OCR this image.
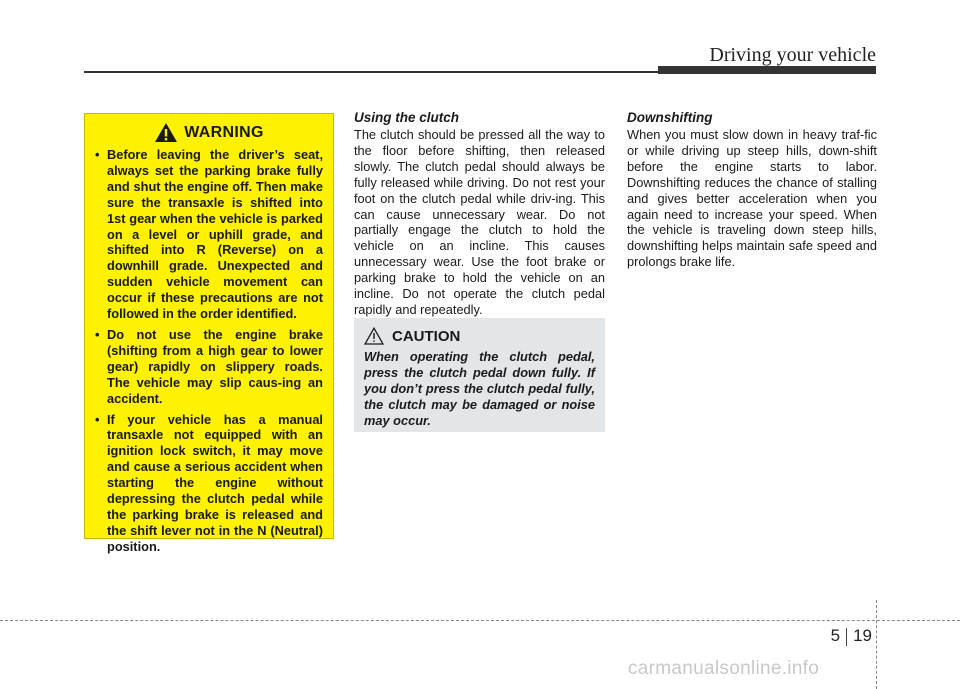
Driving your vehicle
WARNING
• Before leaving the driver’s seat, always set the parking brake fully and shut the engine off. Then make sure the transaxle is shifted into 1st gear when the vehicle is parked on a level or uphill grade, and shifted into R (Reverse) on a downhill grade. Unexpected and sudden vehicle movement can occur if these precautions are not followed in the order identified.
• Do not use the engine brake (shifting from a high gear to lower gear) rapidly on slippery roads. The vehicle may slip caus-ing an accident.
• If your vehicle has a manual transaxle not equipped with an ignition lock switch, it may move and cause a serious accident when starting the engine without depressing the clutch pedal while the parking brake is released and the shift lever not in the N (Neutral) position.
Using the clutch

The clutch should be pressed all the way to the floor before shifting, then released slowly. The clutch pedal should always be fully released while driving. Do not rest your foot on the clutch pedal while driv-ing. This can cause unnecessary wear. Do not partially engage the clutch to hold the vehicle on an incline. This causes unnecessary wear. Use the foot brake or parking brake to hold the vehicle on an incline. Do not operate the clutch pedal rapidly and repeatedly.

CAUTION

When operating the clutch pedal, press the clutch pedal down fully. If you don’t press the clutch pedal fully, the clutch may be damaged or noise may occur.

Downshifting

When you must slow down in heavy traf-fic or while driving up steep hills, down-shift before the engine starts to labor. Downshifting reduces the chance of stalling and gives better acceleration when you again need to increase your speed. When the vehicle is traveling down steep hills, downshifting helps maintain safe speed and prolongs brake life.

5 19
carmanualsonline.info
